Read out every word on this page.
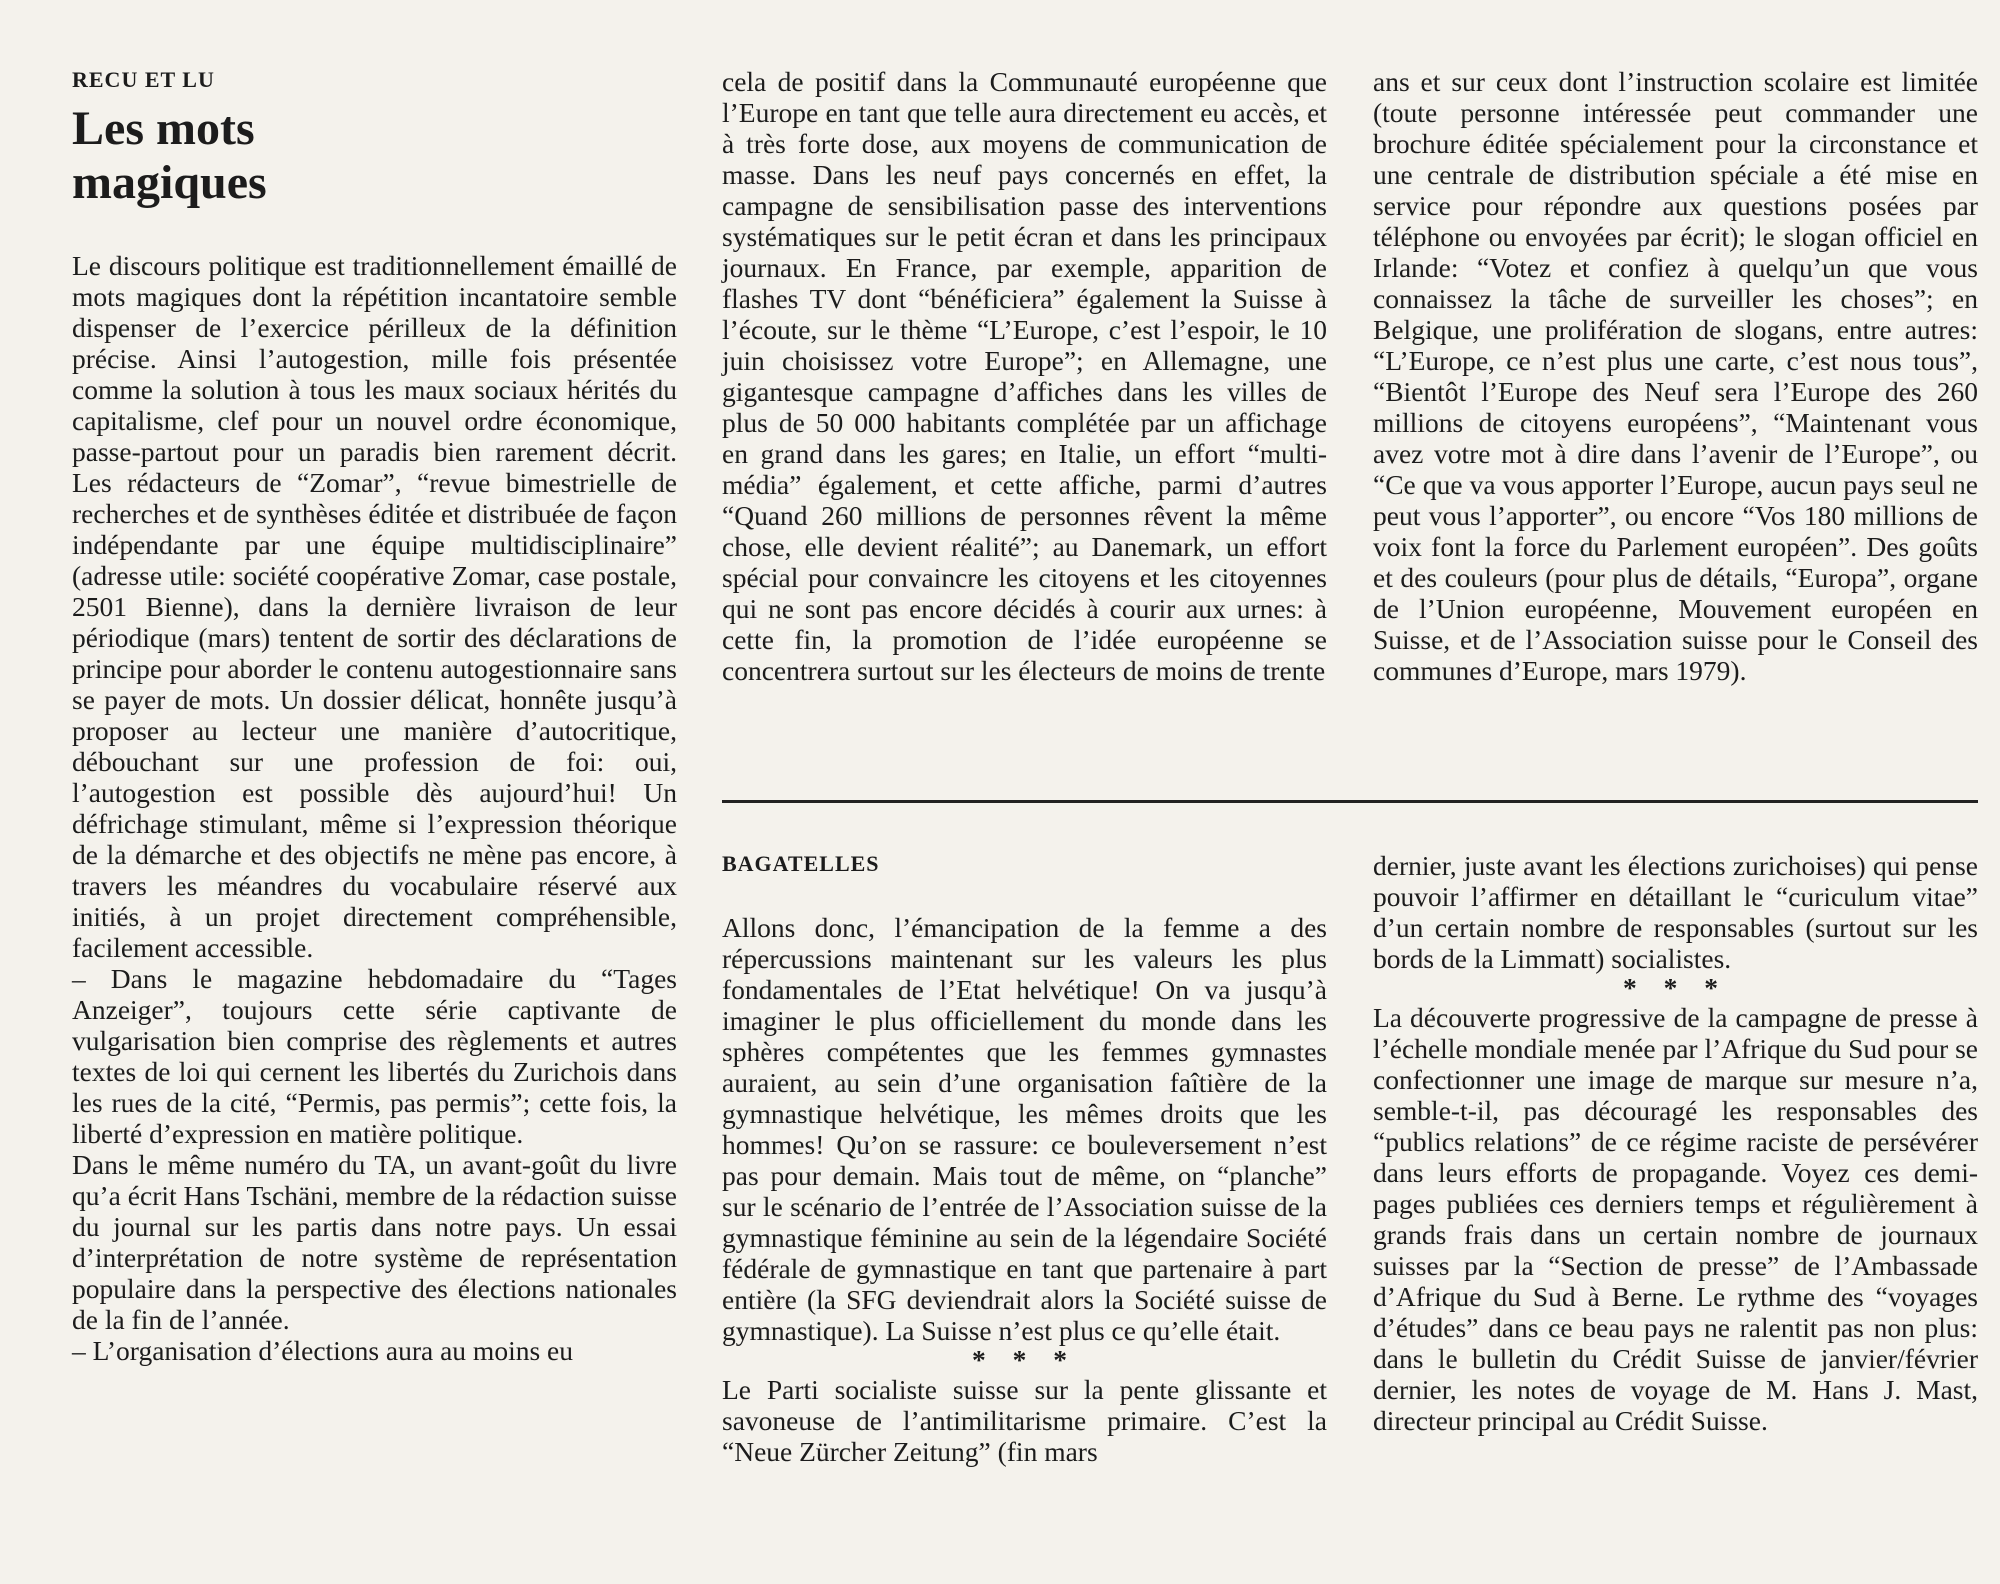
RECU ET LU
Les mots
magiques

Le discours politique est traditionnellement émaillé de mots magiques dont la répétition incantatoire semble dispenser de l’exercice périlleux de la définition précise. Ainsi l’autogestion, mille fois présentée comme la solution à tous les maux sociaux hérités du capitalisme, clef pour un nouvel ordre économique, passe-partout pour un paradis bien rarement décrit. Les rédacteurs de “Zomar”, “revue bimestrielle de recherches et de synthèses éditée et distribuée de façon indépendante par une équipe multidisciplinaire” (adresse utile: société coopérative Zomar, case postale, 2501 Bienne), dans la dernière livraison de leur périodique (mars) tentent de sortir des déclarations de principe pour aborder le contenu autogestionnaire sans se payer de mots. Un dossier délicat, honnête jusqu’à proposer au lecteur une manière d’autocritique, débouchant sur une profession de foi: oui, l’autogestion est possible dès aujourd’hui! Un défrichage stimulant, même si l’expression théorique de la démarche et des objectifs ne mène pas encore, à travers les méandres du vocabulaire réservé aux initiés, à un projet directement compréhensible, facilement accessible.

– Dans le magazine hebdomadaire du “Tages Anzeiger”, toujours cette série captivante de vulgarisation bien comprise des règlements et autres textes de loi qui cernent les libertés du Zurichois dans les rues de la cité, “Permis, pas permis”; cette fois, la liberté d’expression en matière politique.

Dans le même numéro du TA, un avant-goût du livre qu’a écrit Hans Tschäni, membre de la rédaction suisse du journal sur les partis dans notre pays. Un essai d’interprétation de notre système de représentation populaire dans la perspective des élections nationales de la fin de l’année.

– L’organisation d’élections aura au moins eu

cela de positif dans la Communauté européenne que l’Europe en tant que telle aura directement eu accès, et à très forte dose, aux moyens de communication de masse. Dans les neuf pays concernés en effet, la campagne de sensibilisation passe des interventions systématiques sur le petit écran et dans les principaux journaux. En France, par exemple, apparition de flashes TV dont “bénéficiera” également la Suisse à l’écoute, sur le thème “L’Europe, c’est l’espoir, le 10 juin choisissez votre Europe”; en Allemagne, une gigantesque campagne d’affiches dans les villes de plus de 50 000 habitants complétée par un affichage en grand dans les gares; en Italie, un effort “multi-média” également, et cette affiche, parmi d’autres “Quand 260 millions de personnes rêvent la même chose, elle devient réalité”; au Danemark, un effort spécial pour convaincre les citoyens et les citoyennes qui ne sont pas encore décidés à courir aux urnes: à cette fin, la promotion de l’idée européenne se concentrera surtout sur les électeurs de moins de trente

ans et sur ceux dont l’instruction scolaire est limitée (toute personne intéressée peut commander une brochure éditée spécialement pour la circonstance et une centrale de distribution spéciale a été mise en service pour répondre aux questions posées par téléphone ou envoyées par écrit); le slogan officiel en Irlande: “Votez et confiez à quelqu’un que vous connaissez la tâche de surveiller les choses”; en Belgique, une prolifération de slogans, entre autres: “L’Europe, ce n’est plus une carte, c’est nous tous”, “Bientôt l’Europe des Neuf sera l’Europe des 260 millions de citoyens européens”, “Maintenant vous avez votre mot à dire dans l’avenir de l’Europe”, ou “Ce que va vous apporter l’Europe, aucun pays seul ne peut vous l’apporter”, ou encore “Vos 180 millions de voix font la force du Parlement européen”. Des goûts et des couleurs (pour plus de détails, “Europa”, organe de l’Union européenne, Mouvement européen en Suisse, et de l’Association suisse pour le Conseil des communes d’Europe, mars 1979).

BAGATELLES

Allons donc, l’émancipation de la femme a des répercussions maintenant sur les valeurs les plus fondamentales de l’Etat helvétique! On va jusqu’à imaginer le plus officiellement du monde dans les sphères compétentes que les femmes gymnastes auraient, au sein d’une organisation faîtière de la gymnastique helvétique, les mêmes droits que les hommes! Qu’on se rassure: ce bouleversement n’est pas pour demain. Mais tout de même, on “planche” sur le scénario de l’entrée de l’Association suisse de la gymnastique féminine au sein de la légendaire Société fédérale de gymnastique en tant que partenaire à part entière (la SFG deviendrait alors la Société suisse de gymnastique). La Suisse n’est plus ce qu’elle était.

* * *

Le Parti socialiste suisse sur la pente glissante et savoneuse de l’antimilitarisme primaire. C’est la “Neue Zürcher Zeitung” (fin mars

dernier, juste avant les élections zurichoises) qui pense pouvoir l’affirmer en détaillant le “curiculum vitae” d’un certain nombre de responsables (surtout sur les bords de la Limmatt) socialistes.

* * *

La découverte progressive de la campagne de presse à l’échelle mondiale menée par l’Afrique du Sud pour se confectionner une image de marque sur mesure n’a, semble-t-il, pas découragé les responsables des “publics relations” de ce régime raciste de persévérer dans leurs efforts de propagande. Voyez ces demi-pages publiées ces derniers temps et régulièrement à grands frais dans un certain nombre de journaux suisses par la “Section de presse” de l’Ambassade d’Afrique du Sud à Berne. Le rythme des “voyages d’études” dans ce beau pays ne ralentit pas non plus: dans le bulletin du Crédit Suisse de janvier/février dernier, les notes de voyage de M. Hans J. Mast, directeur principal au Crédit Suisse.
